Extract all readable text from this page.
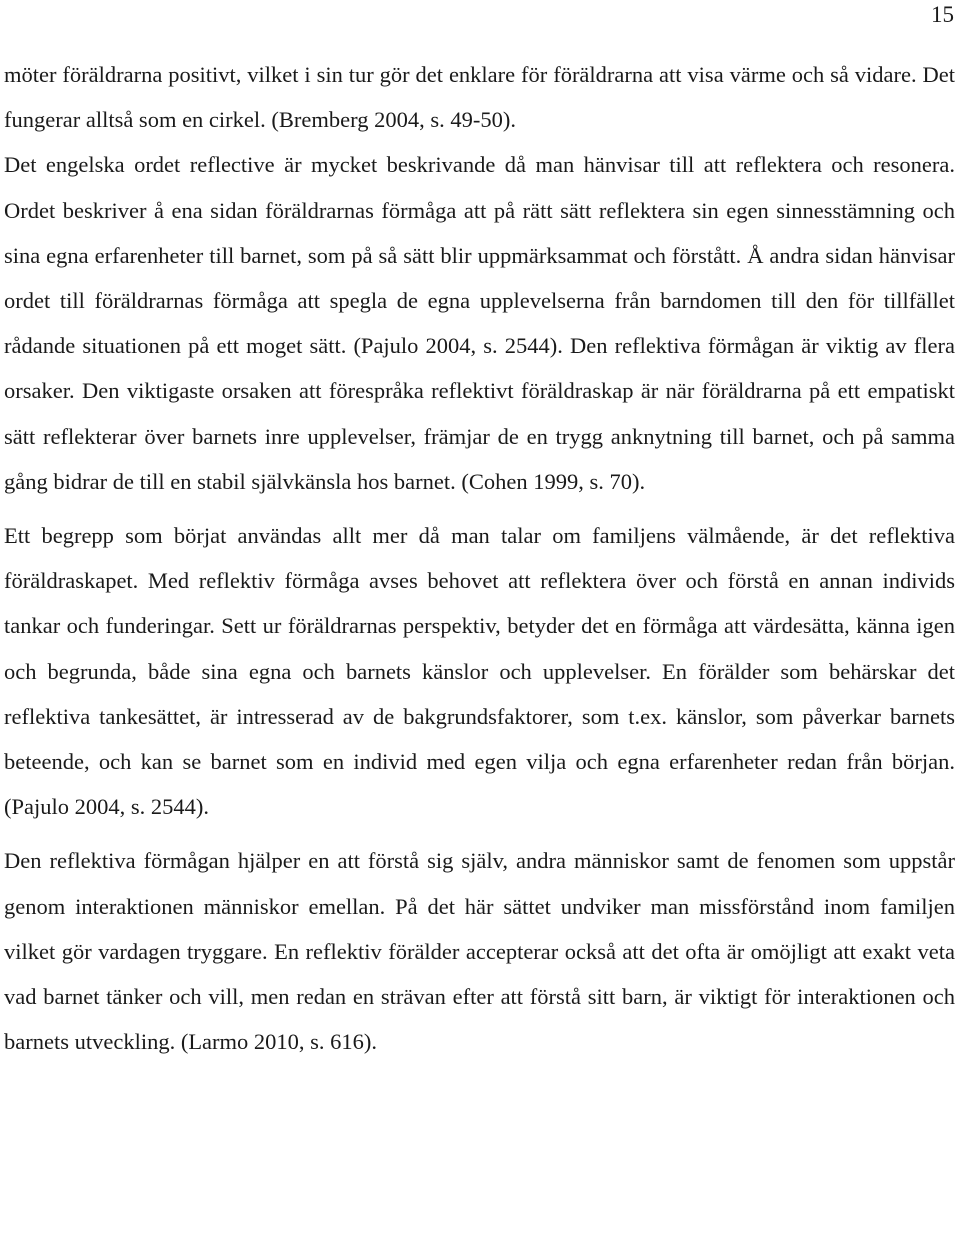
15

möter föräldrarna positivt, vilket i sin tur gör det enklare för föräldrarna att visa värme och så vidare. Det fungerar alltså som en cirkel. (Bremberg 2004, s. 49-50).

Det engelska ordet reflective är mycket beskrivande då man hänvisar till att reflektera och resonera. Ordet beskriver å ena sidan föräldrarnas förmåga att på rätt sätt reflektera sin egen sinnesstämning och sina egna erfarenheter till barnet, som på så sätt blir uppmärksammat och förstått. Å andra sidan hänvisar ordet till föräldrarnas förmåga att spegla de egna upplevelserna från barndomen till den för tillfället rådande situationen på ett moget sätt. (Pajulo 2004, s. 2544). Den reflektiva förmågan är viktig av flera orsaker. Den viktigaste orsaken att förespråka reflektivt föräldraskap är när föräldrarna på ett empatiskt sätt reflekterar över barnets inre upplevelser, främjar de en trygg anknytning till barnet, och på samma gång bidrar de till en stabil självkänsla hos barnet. (Cohen 1999, s. 70).

Ett begrepp som börjat användas allt mer då man talar om familjens välmående, är det reflektiva föräldraskapet. Med reflektiv förmåga avses behovet att reflektera över och förstå en annan individs tankar och funderingar. Sett ur föräldrarnas perspektiv, betyder det en förmåga att värdesätta, känna igen och begrunda, både sina egna och barnets känslor och upplevelser. En förälder som behärskar det reflektiva tankesättet, är intresserad av de bakgrundsfaktorer, som t.ex. känslor, som påverkar barnets beteende, och kan se barnet som en individ med egen vilja och egna erfarenheter redan från början. (Pajulo 2004, s. 2544).

Den reflektiva förmågan hjälper en att förstå sig själv, andra människor samt de fenomen som uppstår genom interaktionen människor emellan. På det här sättet undviker man missförstånd inom familjen vilket gör vardagen tryggare. En reflektiv förälder accepterar också att det ofta är omöjligt att exakt veta vad barnet tänker och vill, men redan en strävan efter att förstå sitt barn, är viktigt för interaktionen och barnets utveckling. (Larmo 2010, s. 616).
